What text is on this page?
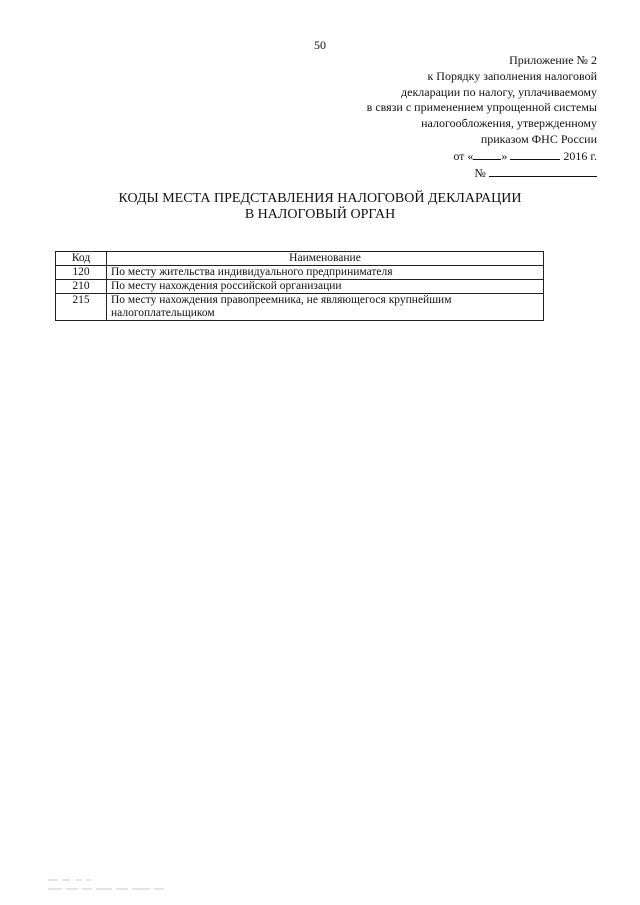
50
Приложение № 2
к Порядку заполнения налоговой
декларации по налогу, уплачиваемому
в связи с применением упрощенной системы
налогообложения, утвержденному
приказом ФНС России
от « »	2016 г.
№
КОДЫ МЕСТА ПРЕДСТАВЛЕНИЯ НАЛОГОВОЙ ДЕКЛАРАЦИИ
В НАЛОГОВЫЙ ОРГАН
Код	Наименование
120	По месту жительства индивидуального предпринимателя
210	По месту нахождения российской организации
215	По месту нахождения правопреемника, не являющегося крупнейшим налогоплательщиком
